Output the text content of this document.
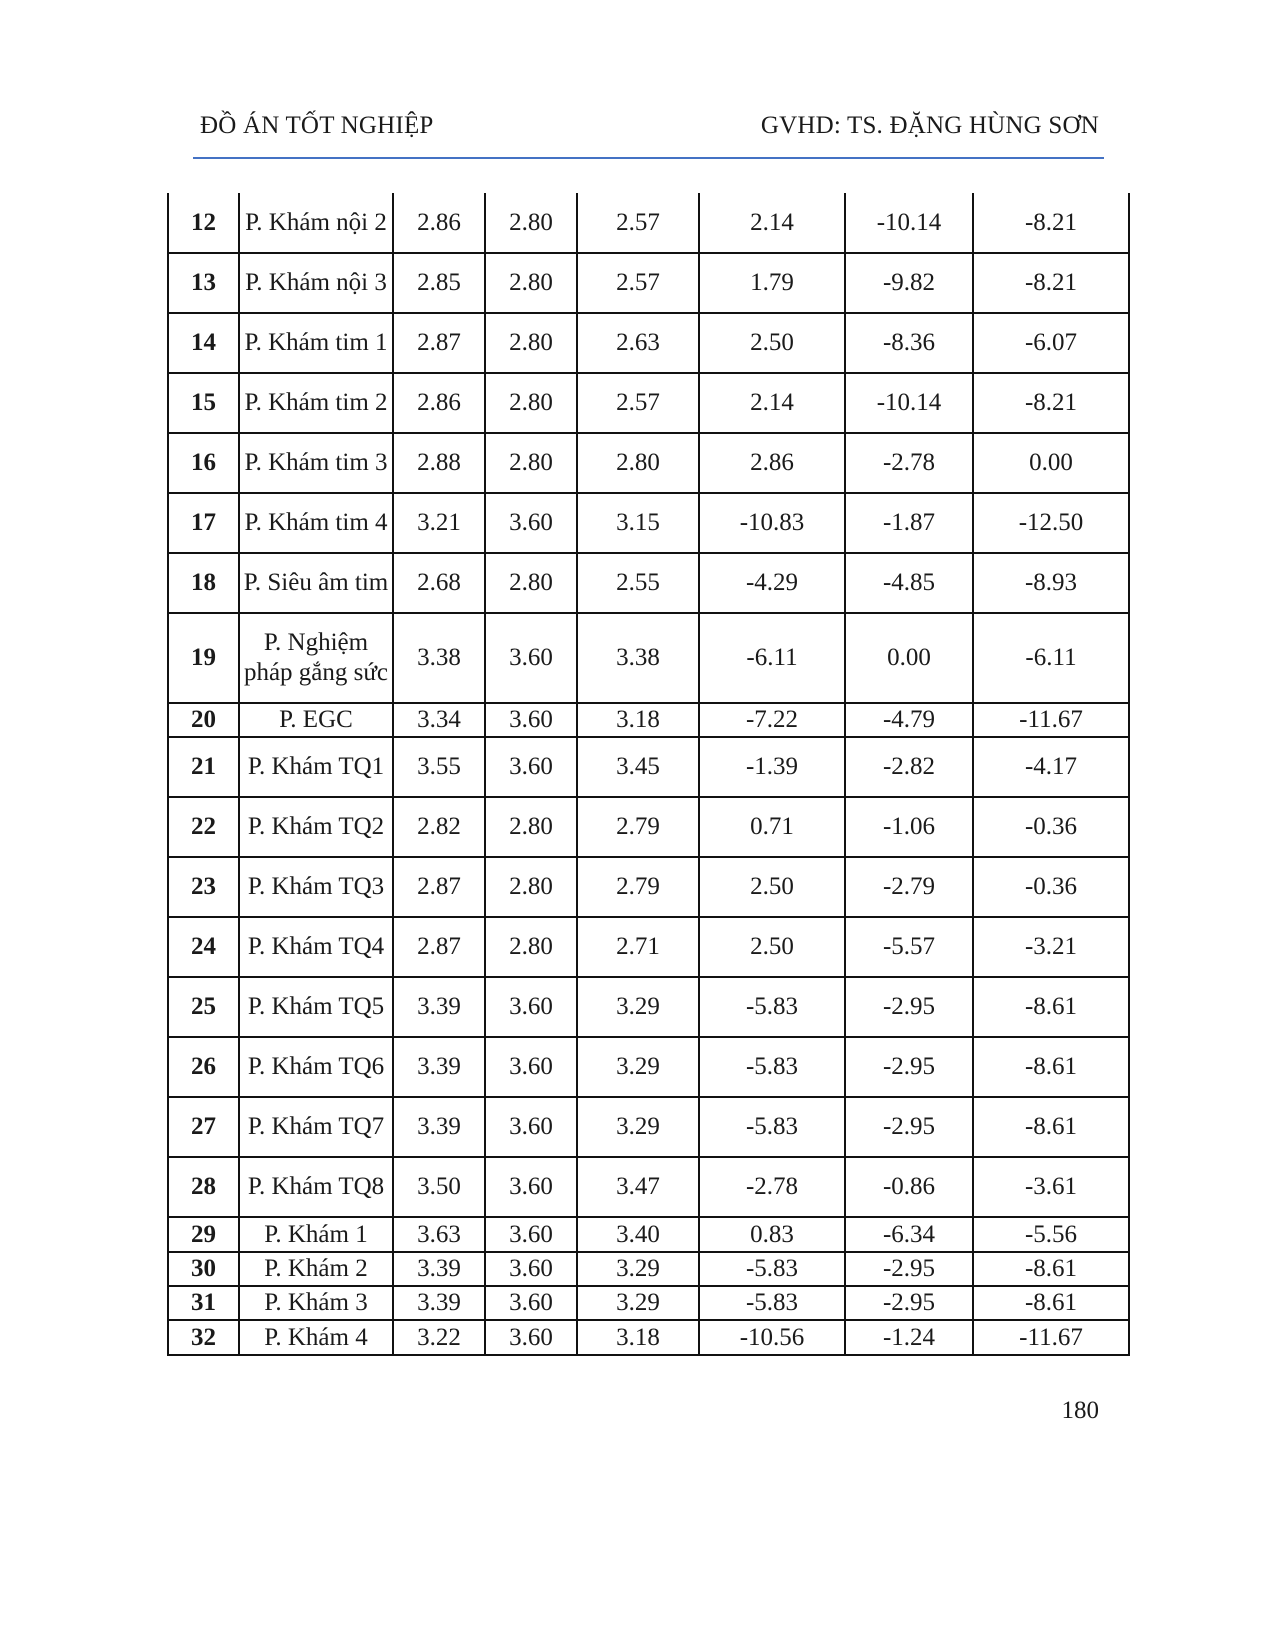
ĐỒ ÁN TỐT NGHIỆP	GVHD: TS. ĐẶNG HÙNG SƠN
12	P. Khám nội 2	2.86	2.80	2.57	2.14	-10.14	-8.21
13	P. Khám nội 3	2.85	2.80	2.57	1.79	-9.82	-8.21
14	P. Khám tim 1	2.87	2.80	2.63	2.50	-8.36	-6.07
15	P. Khám tim 2	2.86	2.80	2.57	2.14	-10.14	-8.21
16	P. Khám tim 3	2.88	2.80	2.80	2.86	-2.78	0.00
17	P. Khám tim 4	3.21	3.60	3.15	-10.83	-1.87	-12.50
18	P. Siêu âm tim	2.68	2.80	2.55	-4.29	-4.85	-8.93
19	P. Nghiệm pháp gắng sức	3.38	3.60	3.38	-6.11	0.00	-6.11
20	P. EGC	3.34	3.60	3.18	-7.22	-4.79	-11.67
21	P. Khám TQ1	3.55	3.60	3.45	-1.39	-2.82	-4.17
22	P. Khám TQ2	2.82	2.80	2.79	0.71	-1.06	-0.36
23	P. Khám TQ3	2.87	2.80	2.79	2.50	-2.79	-0.36
24	P. Khám TQ4	2.87	2.80	2.71	2.50	-5.57	-3.21
25	P. Khám TQ5	3.39	3.60	3.29	-5.83	-2.95	-8.61
26	P. Khám TQ6	3.39	3.60	3.29	-5.83	-2.95	-8.61
27	P. Khám TQ7	3.39	3.60	3.29	-5.83	-2.95	-8.61
28	P. Khám TQ8	3.50	3.60	3.47	-2.78	-0.86	-3.61
29	P. Khám 1	3.63	3.60	3.40	0.83	-6.34	-5.56
30	P. Khám 2	3.39	3.60	3.29	-5.83	-2.95	-8.61
31	P. Khám 3	3.39	3.60	3.29	-5.83	-2.95	-8.61
32	P. Khám 4	3.22	3.60	3.18	-10.56	-1.24	-11.67
180
